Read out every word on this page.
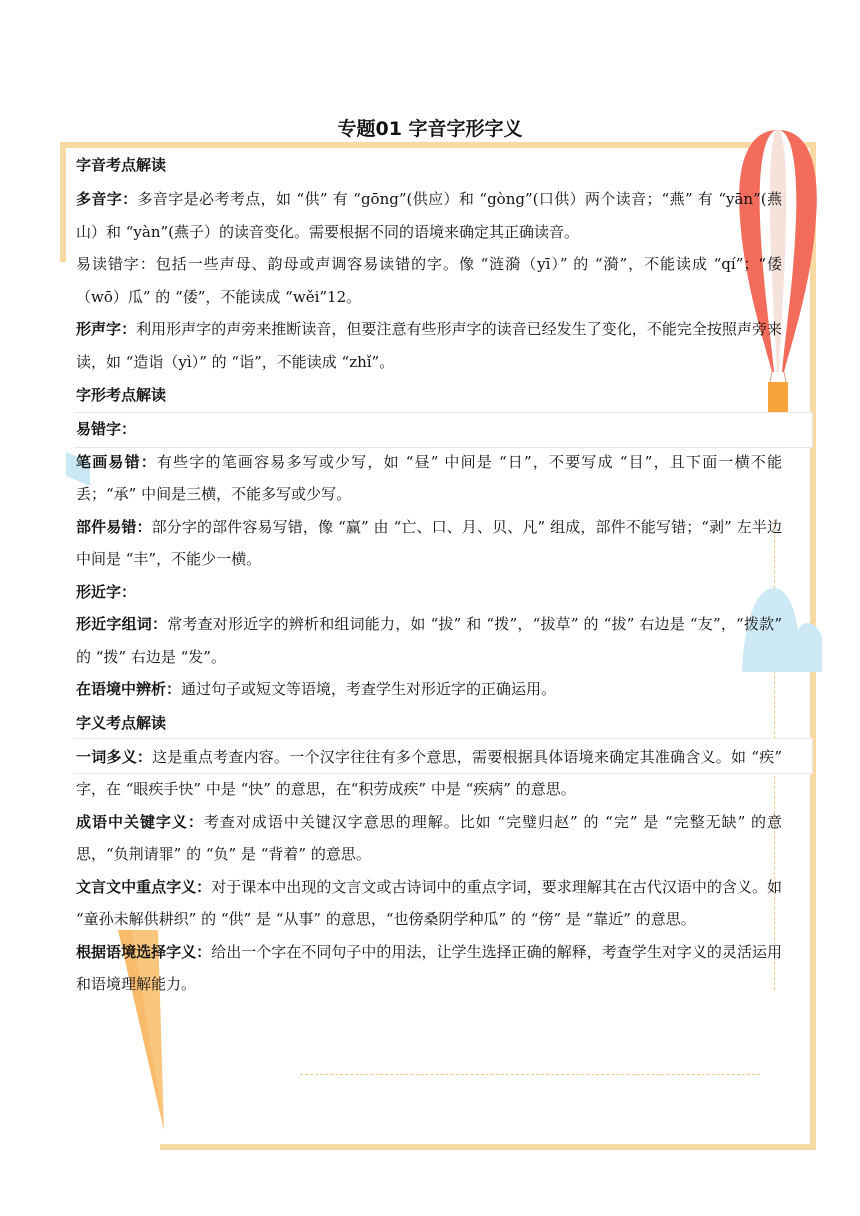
专题01 字音字形字义
字音考点解读

多音字：多音字是必考考点，如 “供” 有 “gōng”(供应）和 “gòng”(口供）两个读音；“燕” 有 “yān”(燕山）和 “yàn”(燕子）的读音变化。需要根据不同的语境来确定其正确读音。

易读错字：包括一些声母、韵母或声调容易读错的字。像 “涟漪（yī）” 的 “漪”，不能读成 “qí”；“倭（wō）瓜” 的 “倭”，不能读成 “wěi”12。

形声字：利用形声字的声旁来推断读音，但要注意有些形声字的读音已经发生了变化，不能完全按照声旁来读，如 “造诣（yì）” 的 “诣”，不能读成 “zhǐ”。

字形考点解读

易错字：

笔画易错：有些字的笔画容易多写或少写，如 “昼” 中间是 “日”，不要写成 “目”，且下面一横不能丢；“承” 中间是三横，不能多写或少写。

部件易错：部分字的部件容易写错，像 “赢” 由 “亡、口、月、贝、凡” 组成，部件不能写错；“剥” 左半边中间是 “丰”，不能少一横。

形近字：

形近字组词：常考查对形近字的辨析和组词能力，如 “拔” 和 “拨”，“拔草” 的 “拔” 右边是 “友”，“拨款” 的 “拨” 右边是 “发”。

在语境中辨析：通过句子或短文等语境，考查学生对形近字的正确运用。

字义考点解读

一词多义：这是重点考查内容。一个汉字往往有多个意思，需要根据具体语境来确定其准确含义。如 “疾” 字，在 “眼疾手快” 中是 “快” 的意思，在“积劳成疾” 中是 “疾病” 的意思。

成语中关键字义：考查对成语中关键汉字意思的理解。比如 “完璧归赵” 的 “完” 是 “完整无缺” 的意思，“负荆请罪” 的 “负” 是 “背着” 的意思。

文言文中重点字义：对于课本中出现的文言文或古诗词中的重点字词，要求理解其在古代汉语中的含义。如 “童孙未解供耕织” 的 “供” 是 “从事” 的意思，“也傍桑阴学种瓜” 的 “傍” 是 “靠近” 的意思。

根据语境选择字义：给出一个字在不同句子中的用法，让学生选择正确的解释，考查学生对字义的灵活运用和语境理解能力。
